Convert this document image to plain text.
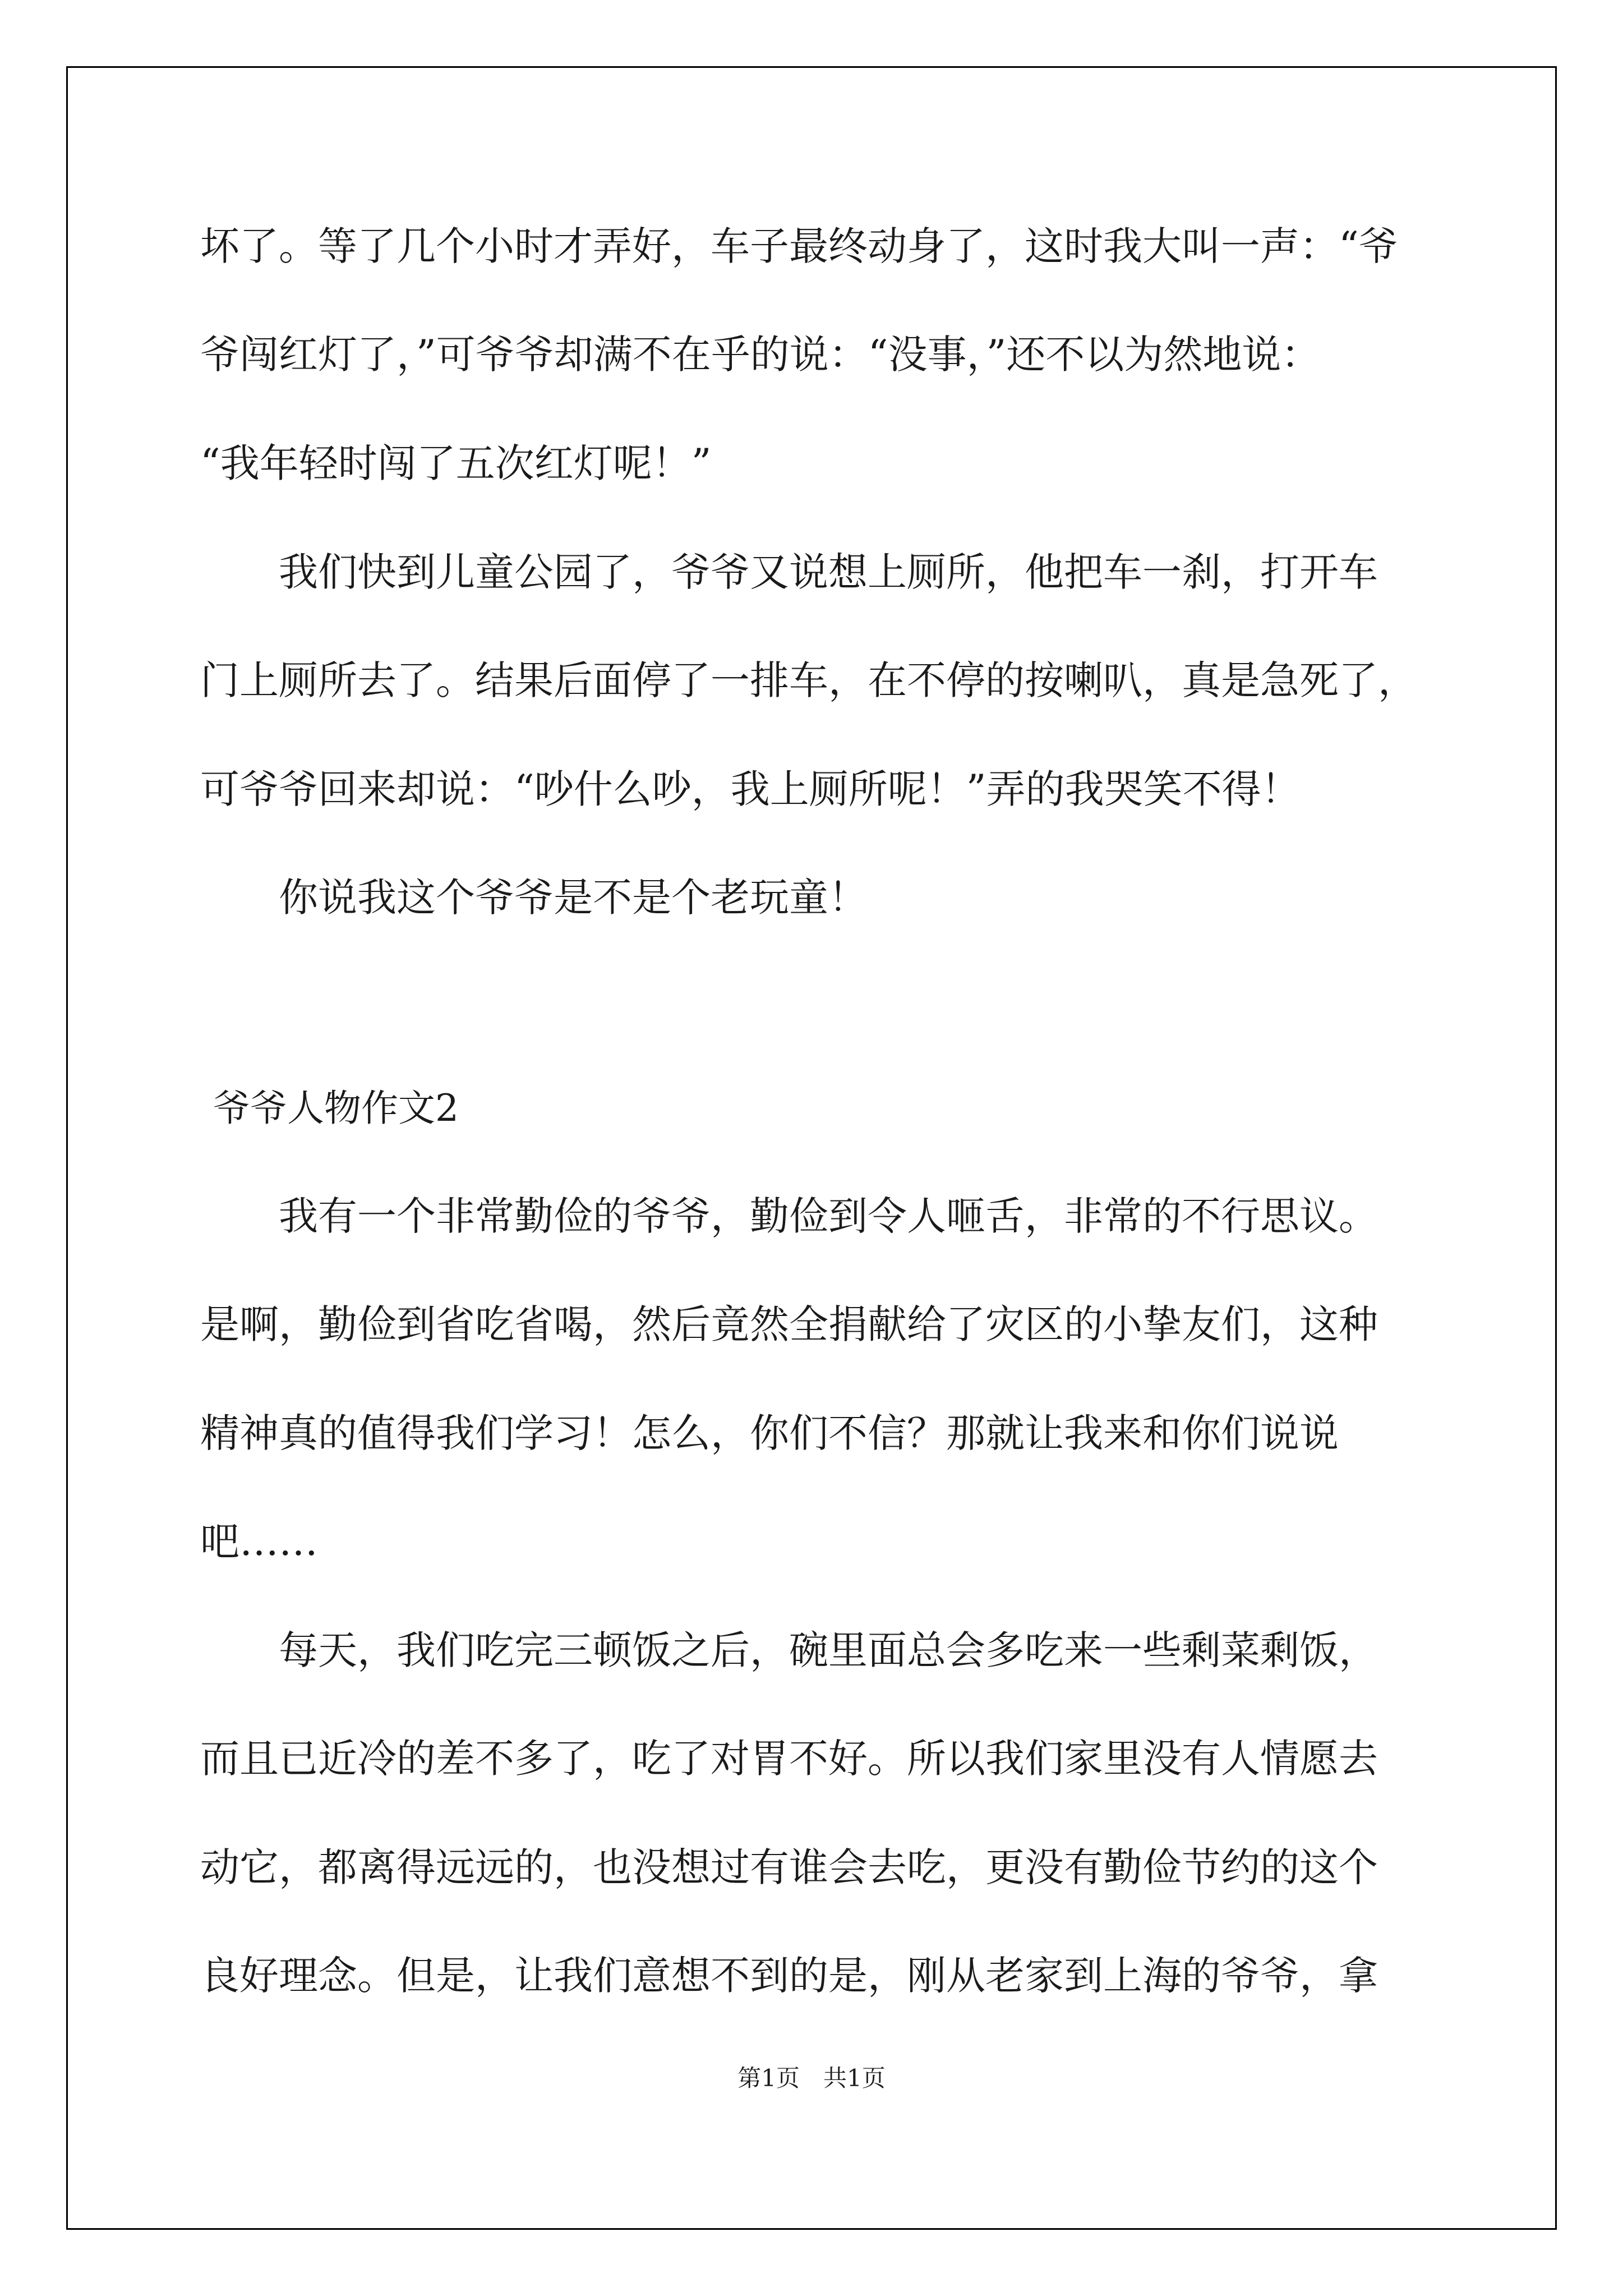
坏了。等了几个小时才弄好，车子最终动身了，这时我大叫一声：“爷
爷闯红灯了，”可爷爷却满不在乎的说：“没事，”还不以为然地说：
“我年轻时闯了五次红灯呢！”
　　我们快到儿童公园了，爷爷又说想上厕所，他把车一刹，打开车
门上厕所去了。结果后面停了一排车，在不停的按喇叭，真是急死了，
可爷爷回来却说：“吵什么吵，我上厕所呢！”弄的我哭笑不得！
　　你说我这个爷爷是不是个老玩童！
爷爷人物作文2
　　我有一个非常勤俭的爷爷，勤俭到令人咂舌，非常的不行思议。
是啊，勤俭到省吃省喝，然后竟然全捐献给了灾区的小挚友们，这种
精神真的值得我们学习！怎么，你们不信？那就让我来和你们说说
吧……
　　每天，我们吃完三顿饭之后，碗里面总会多吃来一些剩菜剩饭，
而且已近冷的差不多了，吃了对胃不好。所以我们家里没有人情愿去
动它，都离得远远的，也没想过有谁会去吃，更没有勤俭节约的这个
良好理念。但是，让我们意想不到的是，刚从老家到上海的爷爷，拿
第1页　共1页
